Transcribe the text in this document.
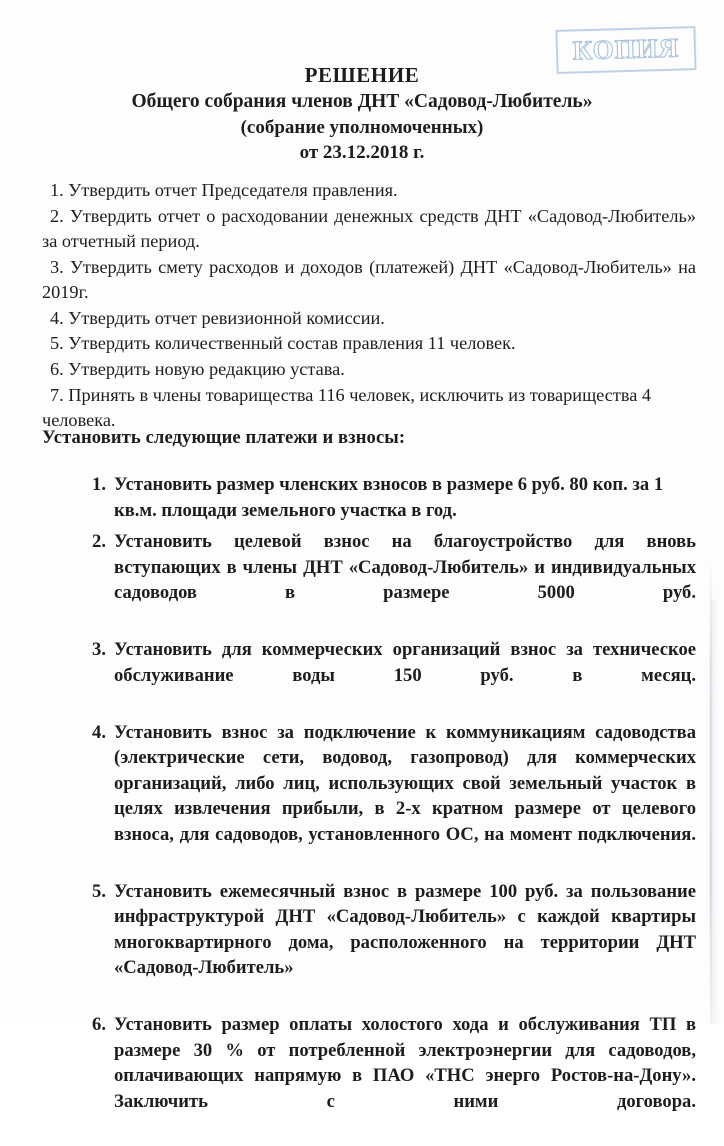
КОПИЯ
РЕШЕНИЕ
Общего собрания членов ДНТ «Садовод-Любитель»
(собрание уполномоченных)
от 23.12.2018 г.

1. Утвердить отчет Председателя правления.

2. Утвердить отчет о расходовании денежных средств ДНТ «Садовод-Любитель» за отчетный период.

3. Утвердить смету расходов и доходов (платежей) ДНТ «Садовод-Любитель» на 2019г.

4. Утвердить отчет ревизионной комиссии.

5. Утвердить количественный состав правления 11 человек.

6. Утвердить новую редакцию устава.

7. Принять в члены товарищества 116 человек, исключить из товарищества 4 человека.

Установить следующие платежи и взносы:
1. Установить размер членских взносов в размере 6 руб. 80 коп. за 1 кв.м. площади земельного участка в год.
2. Установить целевой взнос на благоустройство для вновь вступающих в члены ДНТ «Садовод-Любитель» и индивидуальных садоводов в размере 5000 руб.
3. Установить для коммерческих организаций взнос за техническое обслуживание воды 150 руб. в месяц.
4. Установить взнос за подключение к коммуникациям садоводства (электрические сети, водовод, газопровод) для коммерческих организаций, либо лиц, использующих свой земельный участок в целях извлечения прибыли, в 2-х кратном размере от целевого взноса, для садоводов, установленного ОС, на момент подключения.
5. Установить ежемесячный взнос в размере 100 руб. за пользование инфраструктурой ДНТ «Садовод-Любитель» с каждой квартиры многоквартирного дома, расположенного на территории ДНТ «Садовод-Любитель»
6. Установить размер оплаты холостого хода и обслуживания ТП в размере 30 % от потребленной электроэнергии для садоводов, оплачивающих напрямую в ПАО «ТНС энерго Ростов-на-Дону». Заключить с ними договора.
